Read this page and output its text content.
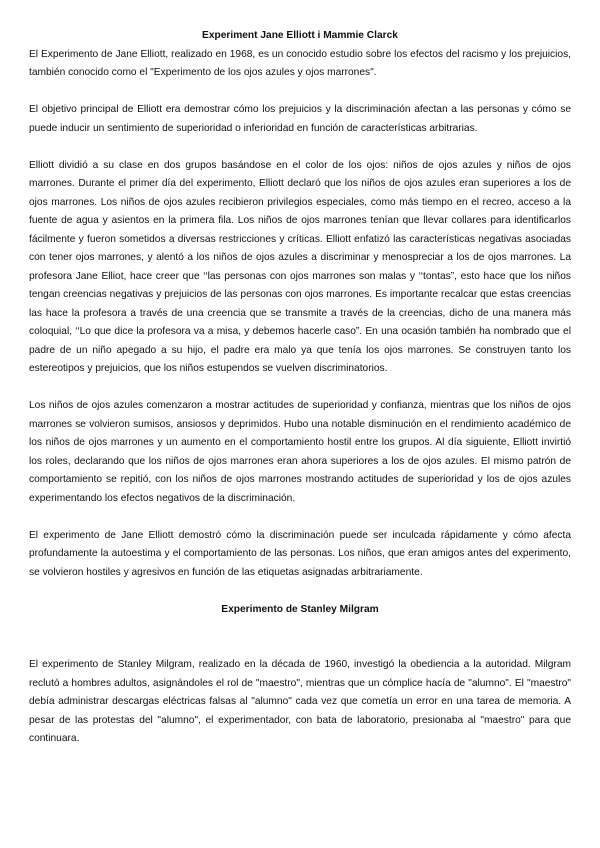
Experiment Jane Elliott i Mammie Clarck

El Experimento de Jane Elliott, realizado en 1968, es un conocido estudio sobre los efectos del racismo y los prejuicios, también conocido como el "Experimento de los ojos azules y ojos marrones".

El objetivo principal de Elliott era demostrar cómo los prejuicios y la discriminación afectan a las personas y cómo se puede inducir un sentimiento de superioridad o inferioridad en función de características arbitrarias.

Elliott dividió a su clase en dos grupos basándose en el color de los ojos: niños de ojos azules y niños de ojos marrones. Durante el primer día del experimento, Elliott declaró que los niños de ojos azules eran superiores a los de ojos marrones. Los niños de ojos azules recibieron privilegios especiales, como más tiempo en el recreo, acceso a la fuente de agua y asientos en la primera fila. Los niños de ojos marrones tenían que llevar collares para identificarlos fácilmente y fueron sometidos a diversas restricciones y críticas. Elliott enfatizó las características negativas asociadas con tener ojos marrones, y alentó a los niños de ojos azules a discriminar y menospreciar a los de ojos marrones. La profesora Jane Elliot, hace creer que ‘‘las personas con ojos marrones son malas y ‘‘tontas”, esto hace que los niños tengan creencias negativas y prejuicios de las personas con ojos marrones. Es importante recalcar que estas creencias las hace la profesora a través de una creencia que se transmite a través de la creencias, dicho de una manera más coloquial, ‘‘Lo que dice la profesora va a misa, y debemos hacerle caso”. En una ocasión también ha nombrado que el padre de un niño apegado a su hijo, el padre era malo ya que tenía los ojos marrones. Se construyen tanto los estereotipos y prejuicios, que los niños estupendos se vuelven discriminatorios.

Los niños de ojos azules comenzaron a mostrar actitudes de superioridad y confianza, mientras que los niños de ojos marrones se volvieron sumisos, ansiosos y deprimidos. Hubo una notable disminución en el rendimiento académico de los niños de ojos marrones y un aumento en el comportamiento hostil entre los grupos. Al día siguiente, Elliott invirtió los roles, declarando que los niños de ojos marrones eran ahora superiores a los de ojos azules. El mismo patrón de comportamiento se repitió, con los niños de ojos marrones mostrando actitudes de superioridad y los de ojos azules experimentando los efectos negativos de la discriminación.

El experimento de Jane Elliott demostró cómo la discriminación puede ser inculcada rápidamente y cómo afecta profundamente la autoestima y el comportamiento de las personas. Los niños, que eran amigos antes del experimento, se volvieron hostiles y agresivos en función de las etiquetas asignadas arbitrariamente.

Experimento de Stanley Milgram

El experimento de Stanley Milgram, realizado en la década de 1960, investigó la obediencia a la autoridad. Milgram reclutó a hombres adultos, asignándoles el rol de "maestro", mientras que un cómplice hacía de "alumno". El "maestro" debía administrar descargas eléctricas falsas al "alumno" cada vez que cometía un error en una tarea de memoria. A pesar de las protestas del "alumno", el experimentador, con bata de laboratorio, presionaba al "maestro" para que continuara.
